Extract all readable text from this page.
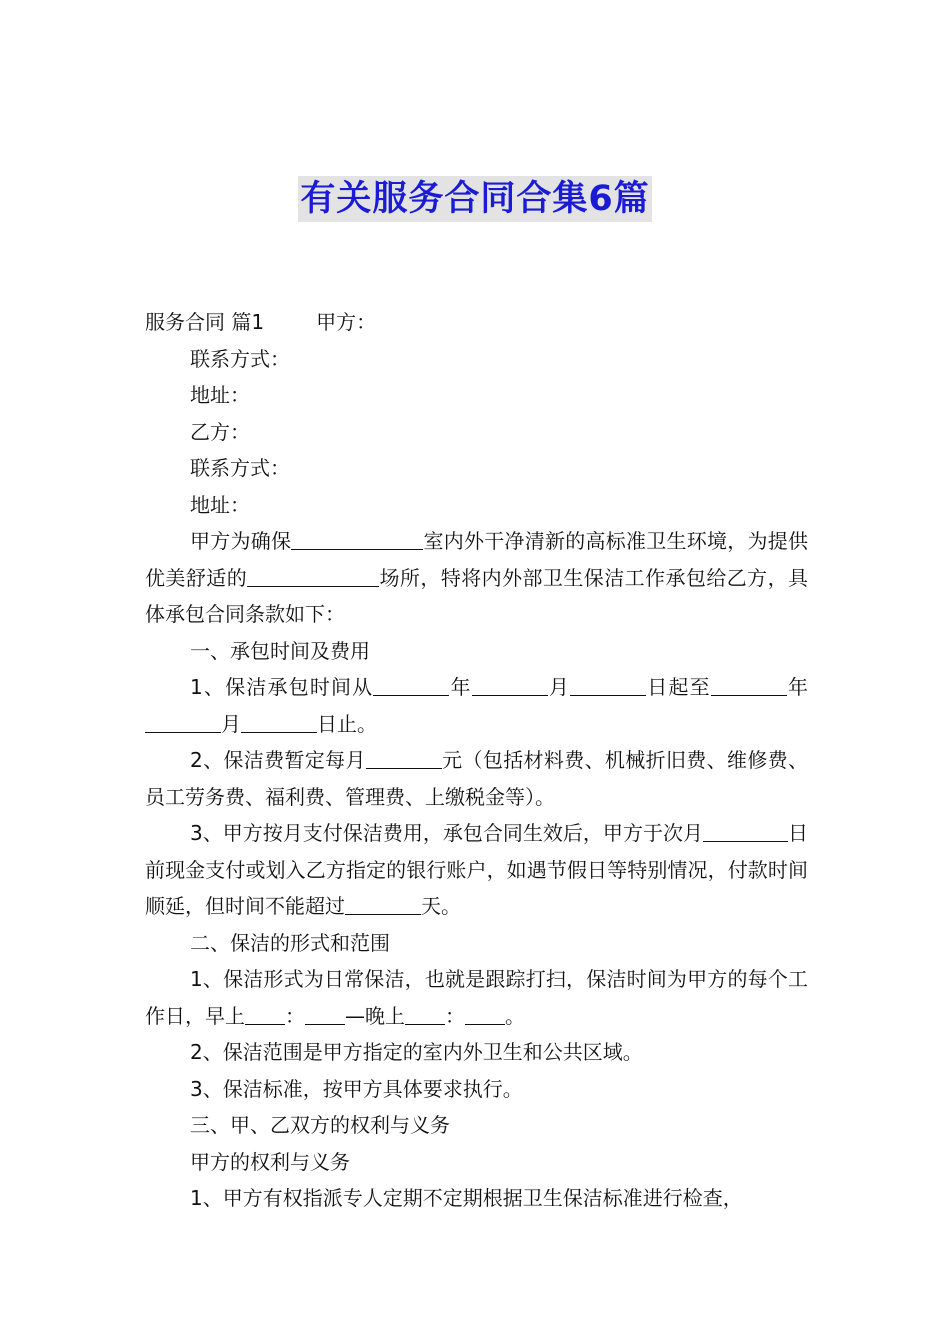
有关服务合同合集6篇

服务合同 篇1	甲方：

联系方式：

地址：

乙方：

联系方式：

地址：

甲方为确保	室内外干净清新的高标准卫生环境，为提供优美舒适的	场所，特将内外部卫生保洁工作承包给乙方，具体承包合同条款如下：

一、承包时间及费用

1、保洁承包时间从	年	月	日起至	年月	日止。

2、保洁费暂定每月	元（包括材料费、机械折旧费、维修费、员工劳务费、福利费、管理费、上缴税金等）。

3、甲方按月支付保洁费用，承包合同生效后，甲方于次月	日前现金支付或划入乙方指定的银行账户，如遇节假日等特别情况，付款时间顺延，但时间不能超过	天。

二、保洁的形式和范围

1、保洁形式为日常保洁，也就是跟踪打扫，保洁时间为甲方的每个工作日，早上 ： —晚上 ： 。

2、保洁范围是甲方指定的室内外卫生和公共区域。

3、保洁标准，按甲方具体要求执行。

三、甲、乙双方的权利与义务

甲方的权利与义务

1、甲方有权指派专人定期不定期根据卫生保洁标准进行检查，
